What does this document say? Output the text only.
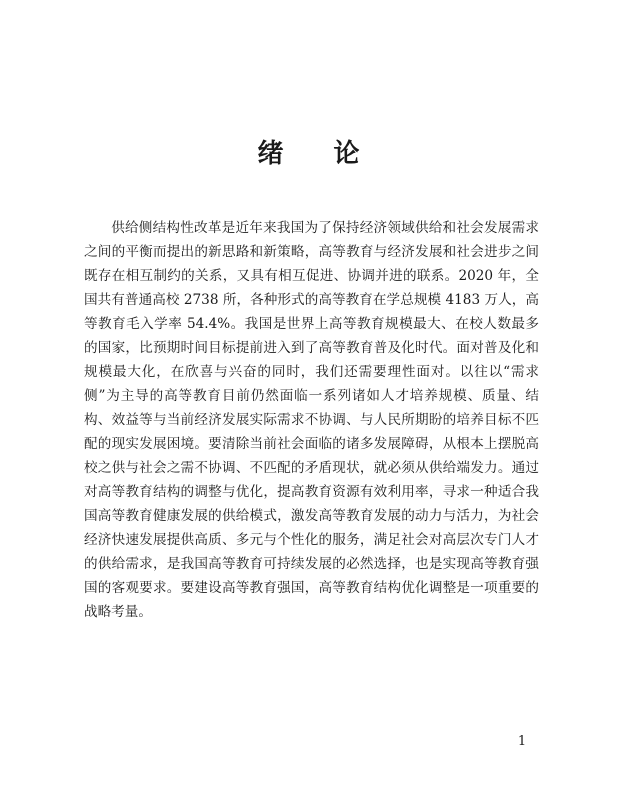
绪 论

供给侧结构性改革是近年来我国为了保持经济领域供给和社会发展需求之间的平衡而提出的新思路和新策略，高等教育与经济发展和社会进步之间既存在相互制约的关系，又具有相互促进、协调并进的联系。2020 年，全国共有普通高校 2738 所，各种形式的高等教育在学总规模 4183 万人，高等教育毛入学率 54.4%。我国是世界上高等教育规模最大、在校人数最多的国家，比预期时间目标提前进入到了高等教育普及化时代。面对普及化和规模最大化，在欣喜与兴奋的同时，我们还需要理性面对。以往以“需求侧”为主导的高等教育目前仍然面临一系列诸如人才培养规模、质量、结构、效益等与当前经济发展实际需求不协调、与人民所期盼的培养目标不匹配的现实发展困境。要清除当前社会面临的诸多发展障碍，从根本上摆脱高校之供与社会之需不协调、不匹配的矛盾现状，就必须从供给端发力。通过对高等教育结构的调整与优化，提高教育资源有效利用率，寻求一种适合我国高等教育健康发展的供给模式，激发高等教育发展的动力与活力，为社会经济快速发展提供高质、多元与个性化的服务，满足社会对高层次专门人才的供给需求，是我国高等教育可持续发展的必然选择，也是实现高等教育强国的客观要求。要建设高等教育强国，高等教育结构优化调整是一项重要的战略考量。

1
